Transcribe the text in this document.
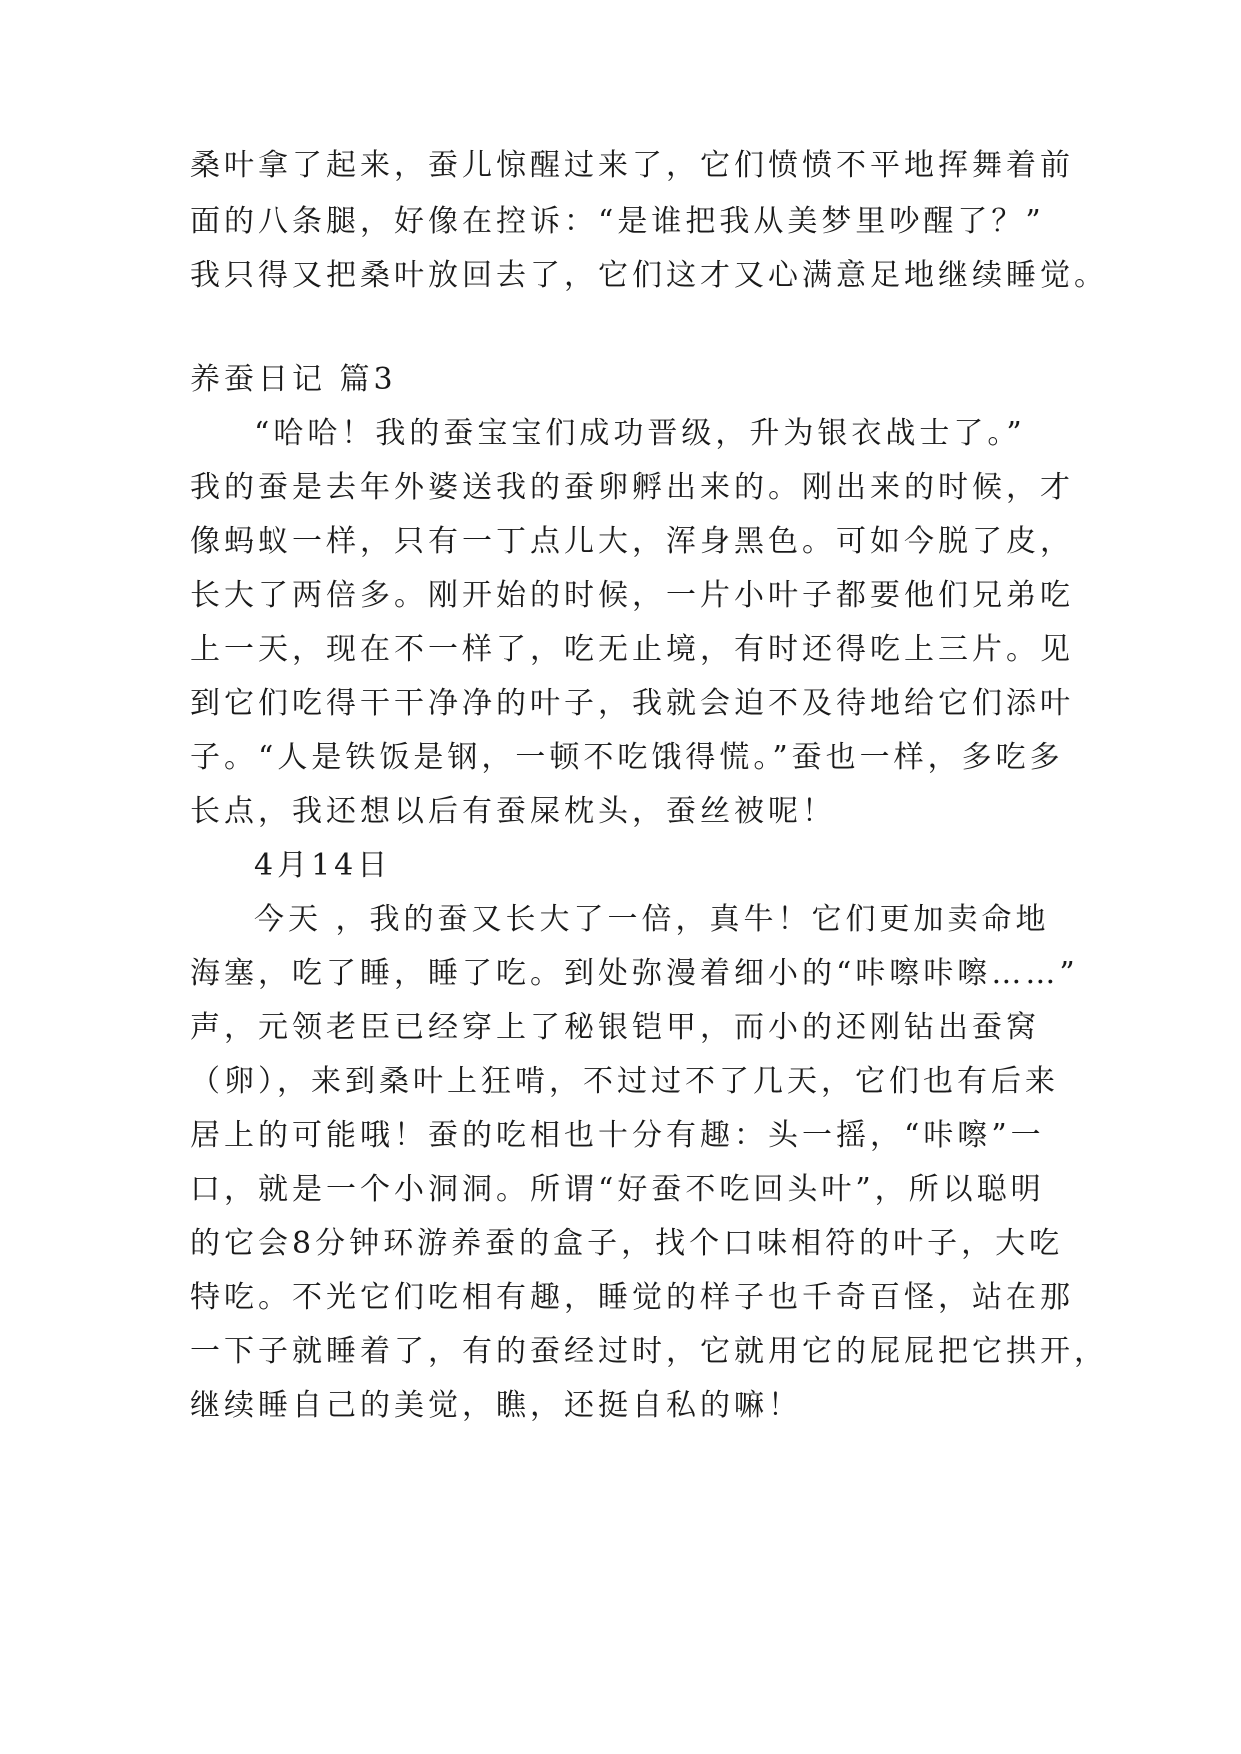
桑叶拿了起来，蚕儿惊醒过来了，它们愤愤不平地挥舞着前
面的八条腿，好像在控诉：“是谁把我从美梦里吵醒了？”
我只得又把桑叶放回去了，它们这才又心满意足地继续睡觉。
养蚕日记 篇3
“哈哈！我的蚕宝宝们成功晋级，升为银衣战士了。”
我的蚕是去年外婆送我的蚕卵孵出来的。刚出来的时候，才
像蚂蚁一样，只有一丁点儿大，浑身黑色。可如今脱了皮，
长大了两倍多。刚开始的时候，一片小叶子都要他们兄弟吃
上一天，现在不一样了，吃无止境，有时还得吃上三片。见
到它们吃得干干净净的叶子，我就会迫不及待地给它们添叶
子。“人是铁饭是钢，一顿不吃饿得慌。”蚕也一样，多吃多
长点，我还想以后有蚕屎枕头，蚕丝被呢！
4月14日
今天 ，我的蚕又长大了一倍，真牛！它们更加卖命地
海塞，吃了睡，睡了吃。到处弥漫着细小的“咔嚓咔嚓……”
声，元领老臣已经穿上了秘银铠甲，而小的还刚钻出蚕窝
（卵），来到桑叶上狂啃，不过过不了几天，它们也有后来
居上的可能哦！蚕的吃相也十分有趣：头一摇，“咔嚓”一
口，就是一个小洞洞。所谓“好蚕不吃回头叶”，所以聪明
的它会8分钟环游养蚕的盒子，找个口味相符的叶子，大吃
特吃。不光它们吃相有趣，睡觉的样子也千奇百怪，站在那
一下子就睡着了，有的蚕经过时，它就用它的屁屁把它拱开，
继续睡自己的美觉，瞧，还挺自私的嘛！
